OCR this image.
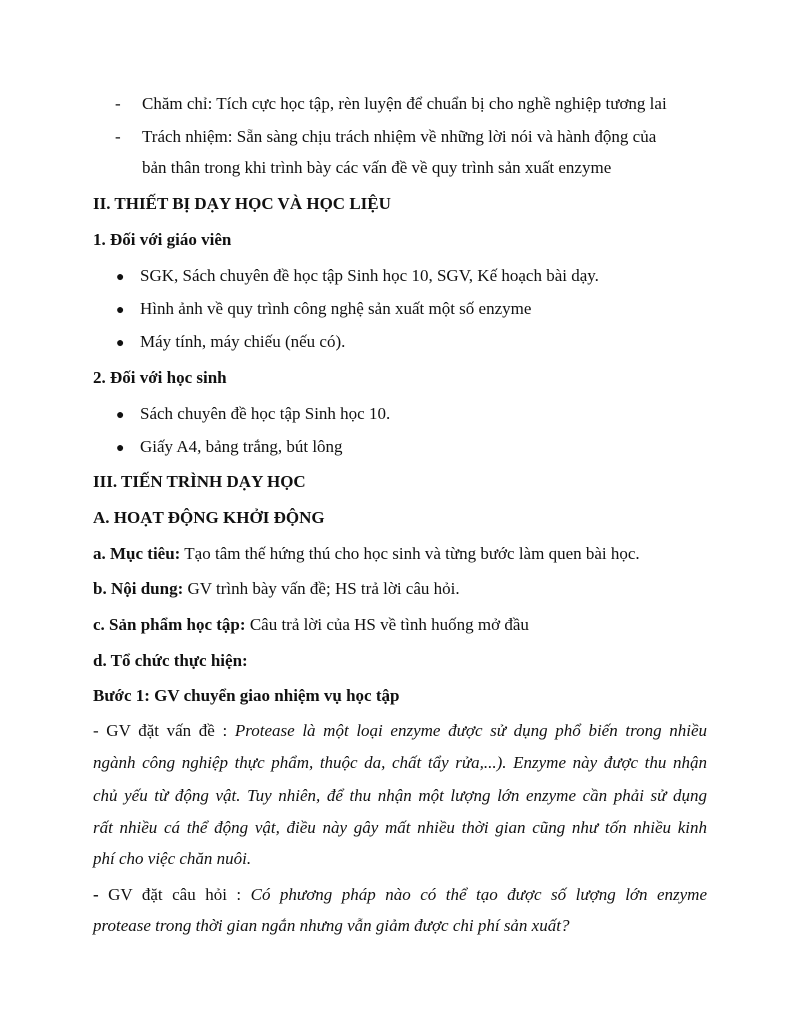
- Chăm chỉ: Tích cực học tập, rèn luyện để chuẩn bị cho nghề nghiệp tương lai
- Trách nhiệm: Sẵn sàng chịu trách nhiệm về những lời nói và hành động của
bản thân trong khi trình bày các vấn đề về quy trình sản xuất enzyme
II. THIẾT BỊ DẠY HỌC VÀ HỌC LIỆU
1. Đối với giáo viên
● SGK, Sách chuyên đề học tập Sinh học 10, SGV, Kế hoạch bài dạy.
● Hình ảnh về quy trình công nghệ sản xuất một số enzyme
● Máy tính, máy chiếu (nếu có).
2. Đối với học sinh
● Sách chuyên đề học tập Sinh học 10.
● Giấy A4, bảng trắng, bút lông
III. TIẾN TRÌNH DẠY HỌC
A. HOẠT ĐỘNG KHỞI ĐỘNG
a. Mục tiêu: Tạo tâm thế hứng thú cho học sinh và từng bước làm quen bài học.
b. Nội dung: GV trình bày vấn đề; HS trả lời câu hỏi.
c. Sản phẩm học tập: Câu trả lời của HS về tình huống mở đầu
d. Tổ chức thực hiện:
Bước 1: GV chuyển giao nhiệm vụ học tập
- GV đặt vấn đề : Protease là một loại enzyme được sử dụng phổ biến trong nhiều
ngành công nghiệp thực phẩm, thuộc da, chất tẩy rửa,...). Enzyme này được thu nhận
chủ yếu từ động vật. Tuy nhiên, để thu nhận một lượng lớn enzyme cần phải sử dụng
rất nhiều cá thể động vật, điều này gây mất nhiều thời gian cũng như tốn nhiều kinh
phí cho việc chăn nuôi.
- GV đặt câu hỏi : Có phương pháp nào có thể tạo được số lượng lớn enzyme
protease trong thời gian ngắn nhưng vẫn giảm được chi phí sản xuất?
